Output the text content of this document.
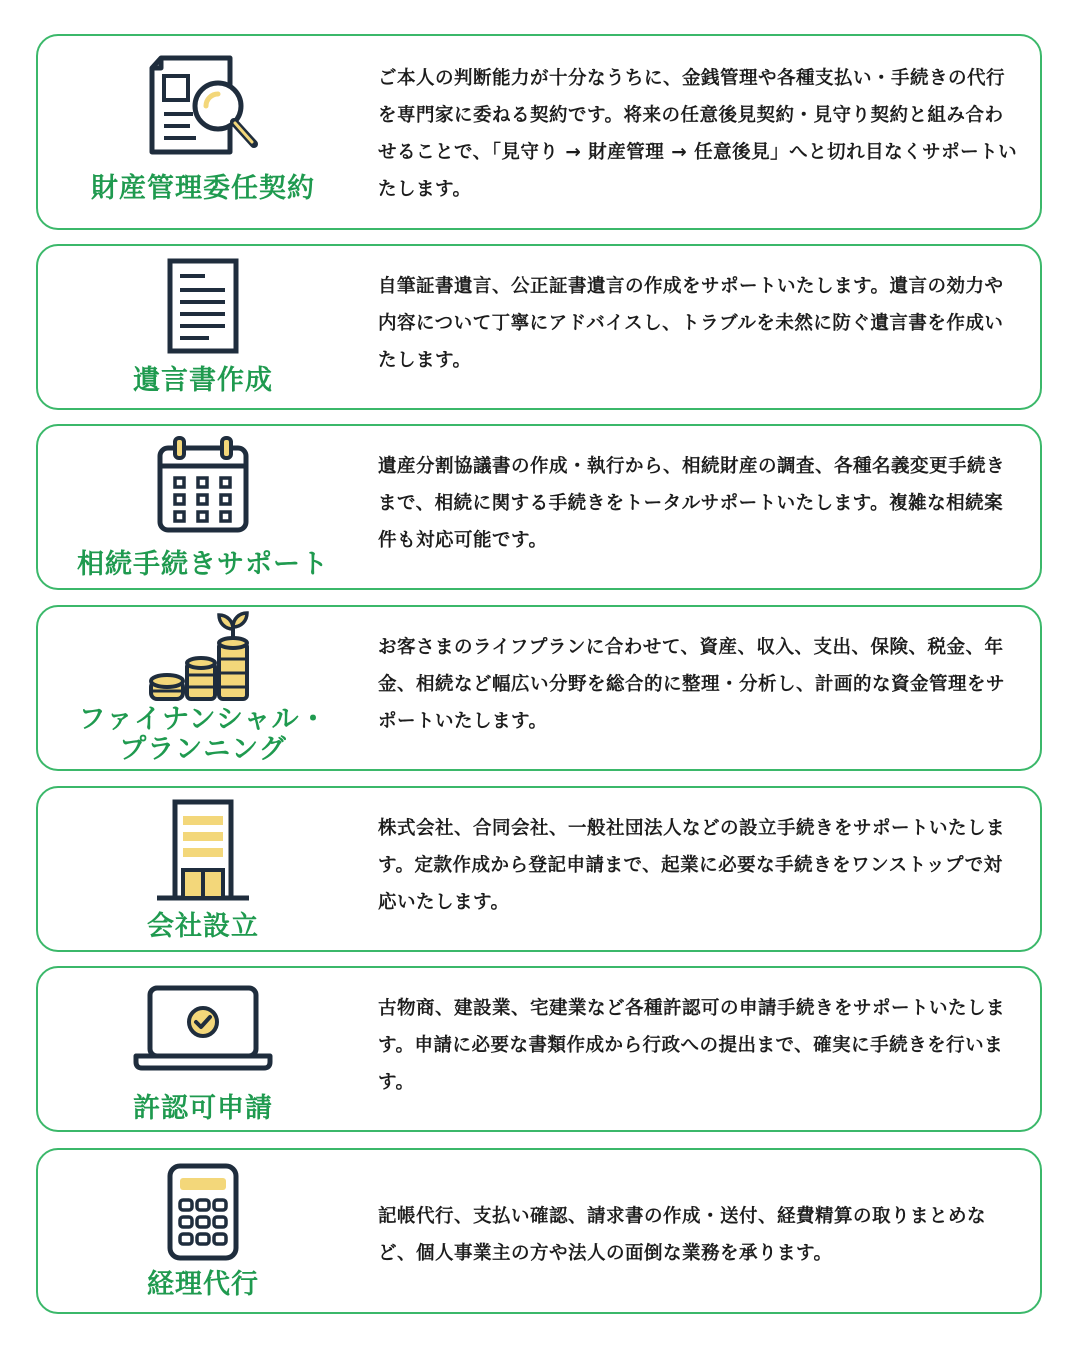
財産管理委任契約
ご本人の判断能力が十分なうちに、金銭管理や各種支払い・手続きの代行を専門家に委ねる契約です。将来の任意後見契約・見守り契約と組み合わせることで、「見守り → 財産管理 → 任意後見」へと切れ目なくサポートいたします。
遺言書作成
自筆証書遺言、公正証書遺言の作成をサポートいたします。遺言の効力や内容について丁寧にアドバイスし、トラブルを未然に防ぐ遺言書を作成いたします。
相続手続きサポート
遺産分割協議書の作成・執行から、相続財産の調査、各種名義変更手続きまで、相続に関する手続きをトータルサポートいたします。複雑な相続案件も対応可能です。
ファイナンシャル・
プランニング
お客さまのライフプランに合わせて、資産、収入、支出、保険、税金、年金、相続など幅広い分野を総合的に整理・分析し、計画的な資金管理をサポートいたします。
会社設立
株式会社、合同会社、一般社団法人などの設立手続きをサポートいたします。定款作成から登記申請まで、起業に必要な手続きをワンストップで対応いたします。
許認可申請
古物商、建設業、宅建業など各種許認可の申請手続きをサポートいたします。申請に必要な書類作成から行政への提出まで、確実に手続きを行います。
経理代行
記帳代行、支払い確認、請求書の作成・送付、経費精算の取りまとめなど、個人事業主の方や法人の面倒な業務を承ります。
